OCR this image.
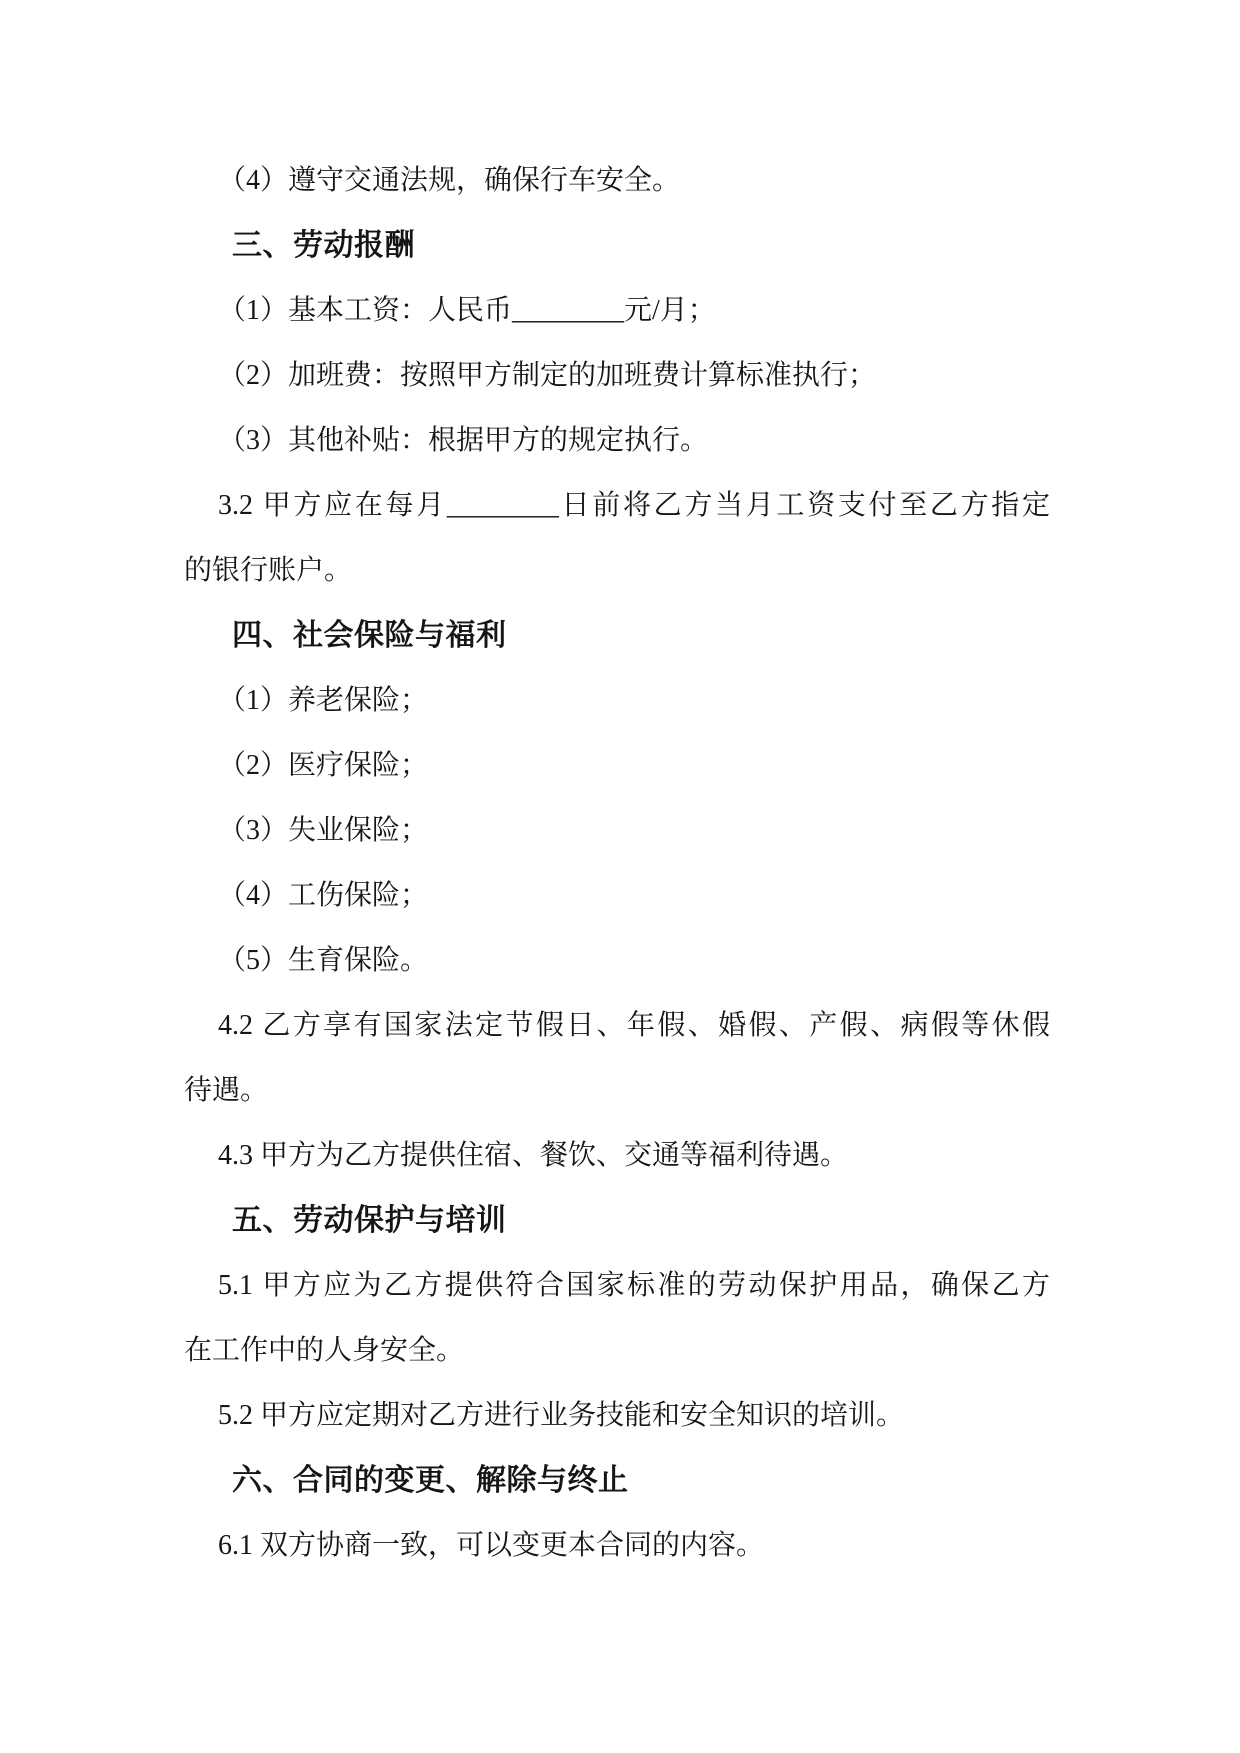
（4）遵守交通法规，确保行车安全。

三、劳动报酬

（1）基本工资：人民币________元/月；

（2）加班费：按照甲方制定的加班费计算标准执行；

（3）其他补贴：根据甲方的规定执行。

3.2 甲方应在每月________日前将乙方当月工资支付至乙方指定

的银行账户。

四、社会保险与福利

（1）养老保险；

（2）医疗保险；

（3）失业保险；

（4）工伤保险；

（5）生育保险。

4.2 乙方享有国家法定节假日、年假、婚假、产假、病假等休假

待遇。

4.3 甲方为乙方提供住宿、餐饮、交通等福利待遇。

五、劳动保护与培训

5.1 甲方应为乙方提供符合国家标准的劳动保护用品，确保乙方

在工作中的人身安全。

5.2 甲方应定期对乙方进行业务技能和安全知识的培训。

六、合同的变更、解除与终止

6.1 双方协商一致，可以变更本合同的内容。
